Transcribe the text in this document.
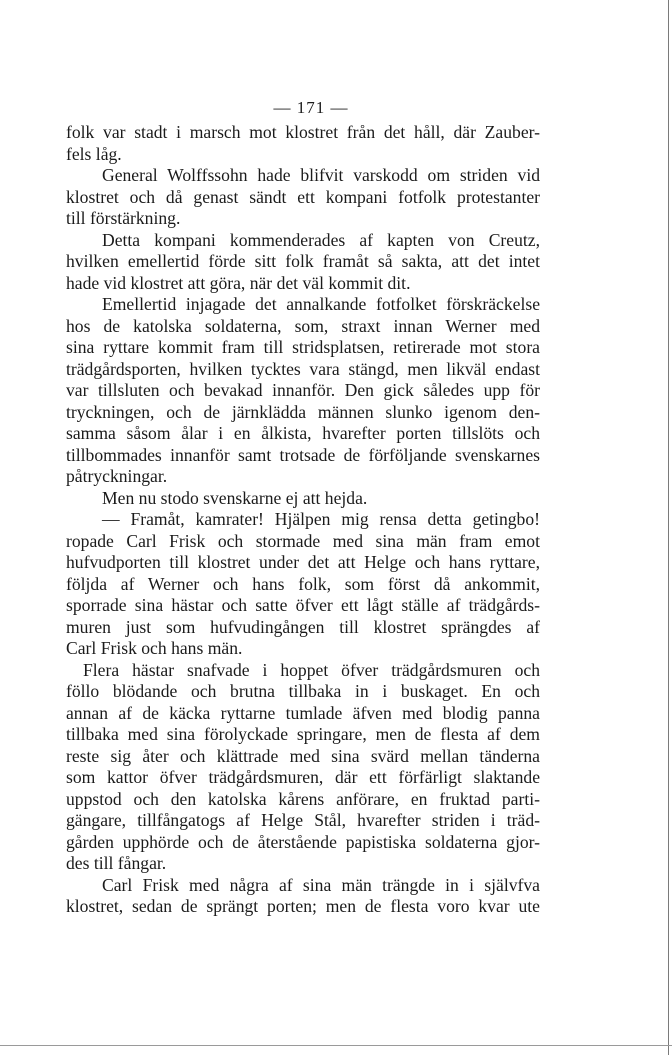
— 171 —
folk var stadt i marsch mot klostret från det håll, där Zauber-
fels låg.
General Wolffssohn hade blifvit varskodd om striden vid
klostret och då genast sändt ett kompani fotfolk protestanter
till förstärkning.
Detta kompani kommenderades af kapten von Creutz,
hvilken emellertid förde sitt folk framåt så sakta, att det intet
hade vid klostret att göra, när det väl kommit dit.
Emellertid injagade det annalkande fotfolket förskräckelse
hos de katolska soldaterna, som, straxt innan Werner med
sina ryttare kommit fram till stridsplatsen, retirerade mot stora
trädgårdsporten, hvilken tycktes vara stängd, men likväl endast
var tillsluten och bevakad innanför. Den gick således upp för
tryckningen, och de järnklädda männen slunko igenom den-
samma såsom ålar i en ålkista, hvarefter porten tillslöts och
tillbommades innanför samt trotsade de förföljande svenskarnes
påtryckningar.
Men nu stodo svenskarne ej att hejda.
— Framåt, kamrater! Hjälpen mig rensa detta getingbo!
ropade Carl Frisk och stormade med sina män fram emot
hufvudporten till klostret under det att Helge och hans ryttare,
följda af Werner och hans folk, som först då ankommit,
sporrade sina hästar och satte öfver ett lågt ställe af trädgårds-
muren just som hufvudingången till klostret sprängdes af
Carl Frisk och hans män.
Flera hästar snafvade i hoppet öfver trädgårdsmuren och
föllo blödande och brutna tillbaka in i buskaget. En och
annan af de käcka ryttarne tumlade äfven med blodig panna
tillbaka med sina förolyckade springare, men de flesta af dem
reste sig åter och klättrade med sina svärd mellan tänderna
som kattor öfver trädgårdsmuren, där ett förfärligt slaktande
uppstod och den katolska kårens anförare, en fruktad parti-
gängare, tillfångatogs af Helge Stål, hvarefter striden i träd-
gården upphörde och de återstående papistiska soldaterna gjor-
des till fångar.
Carl Frisk med några af sina män trängde in i självfva
klostret, sedan de sprängt porten; men de flesta voro kvar ute
